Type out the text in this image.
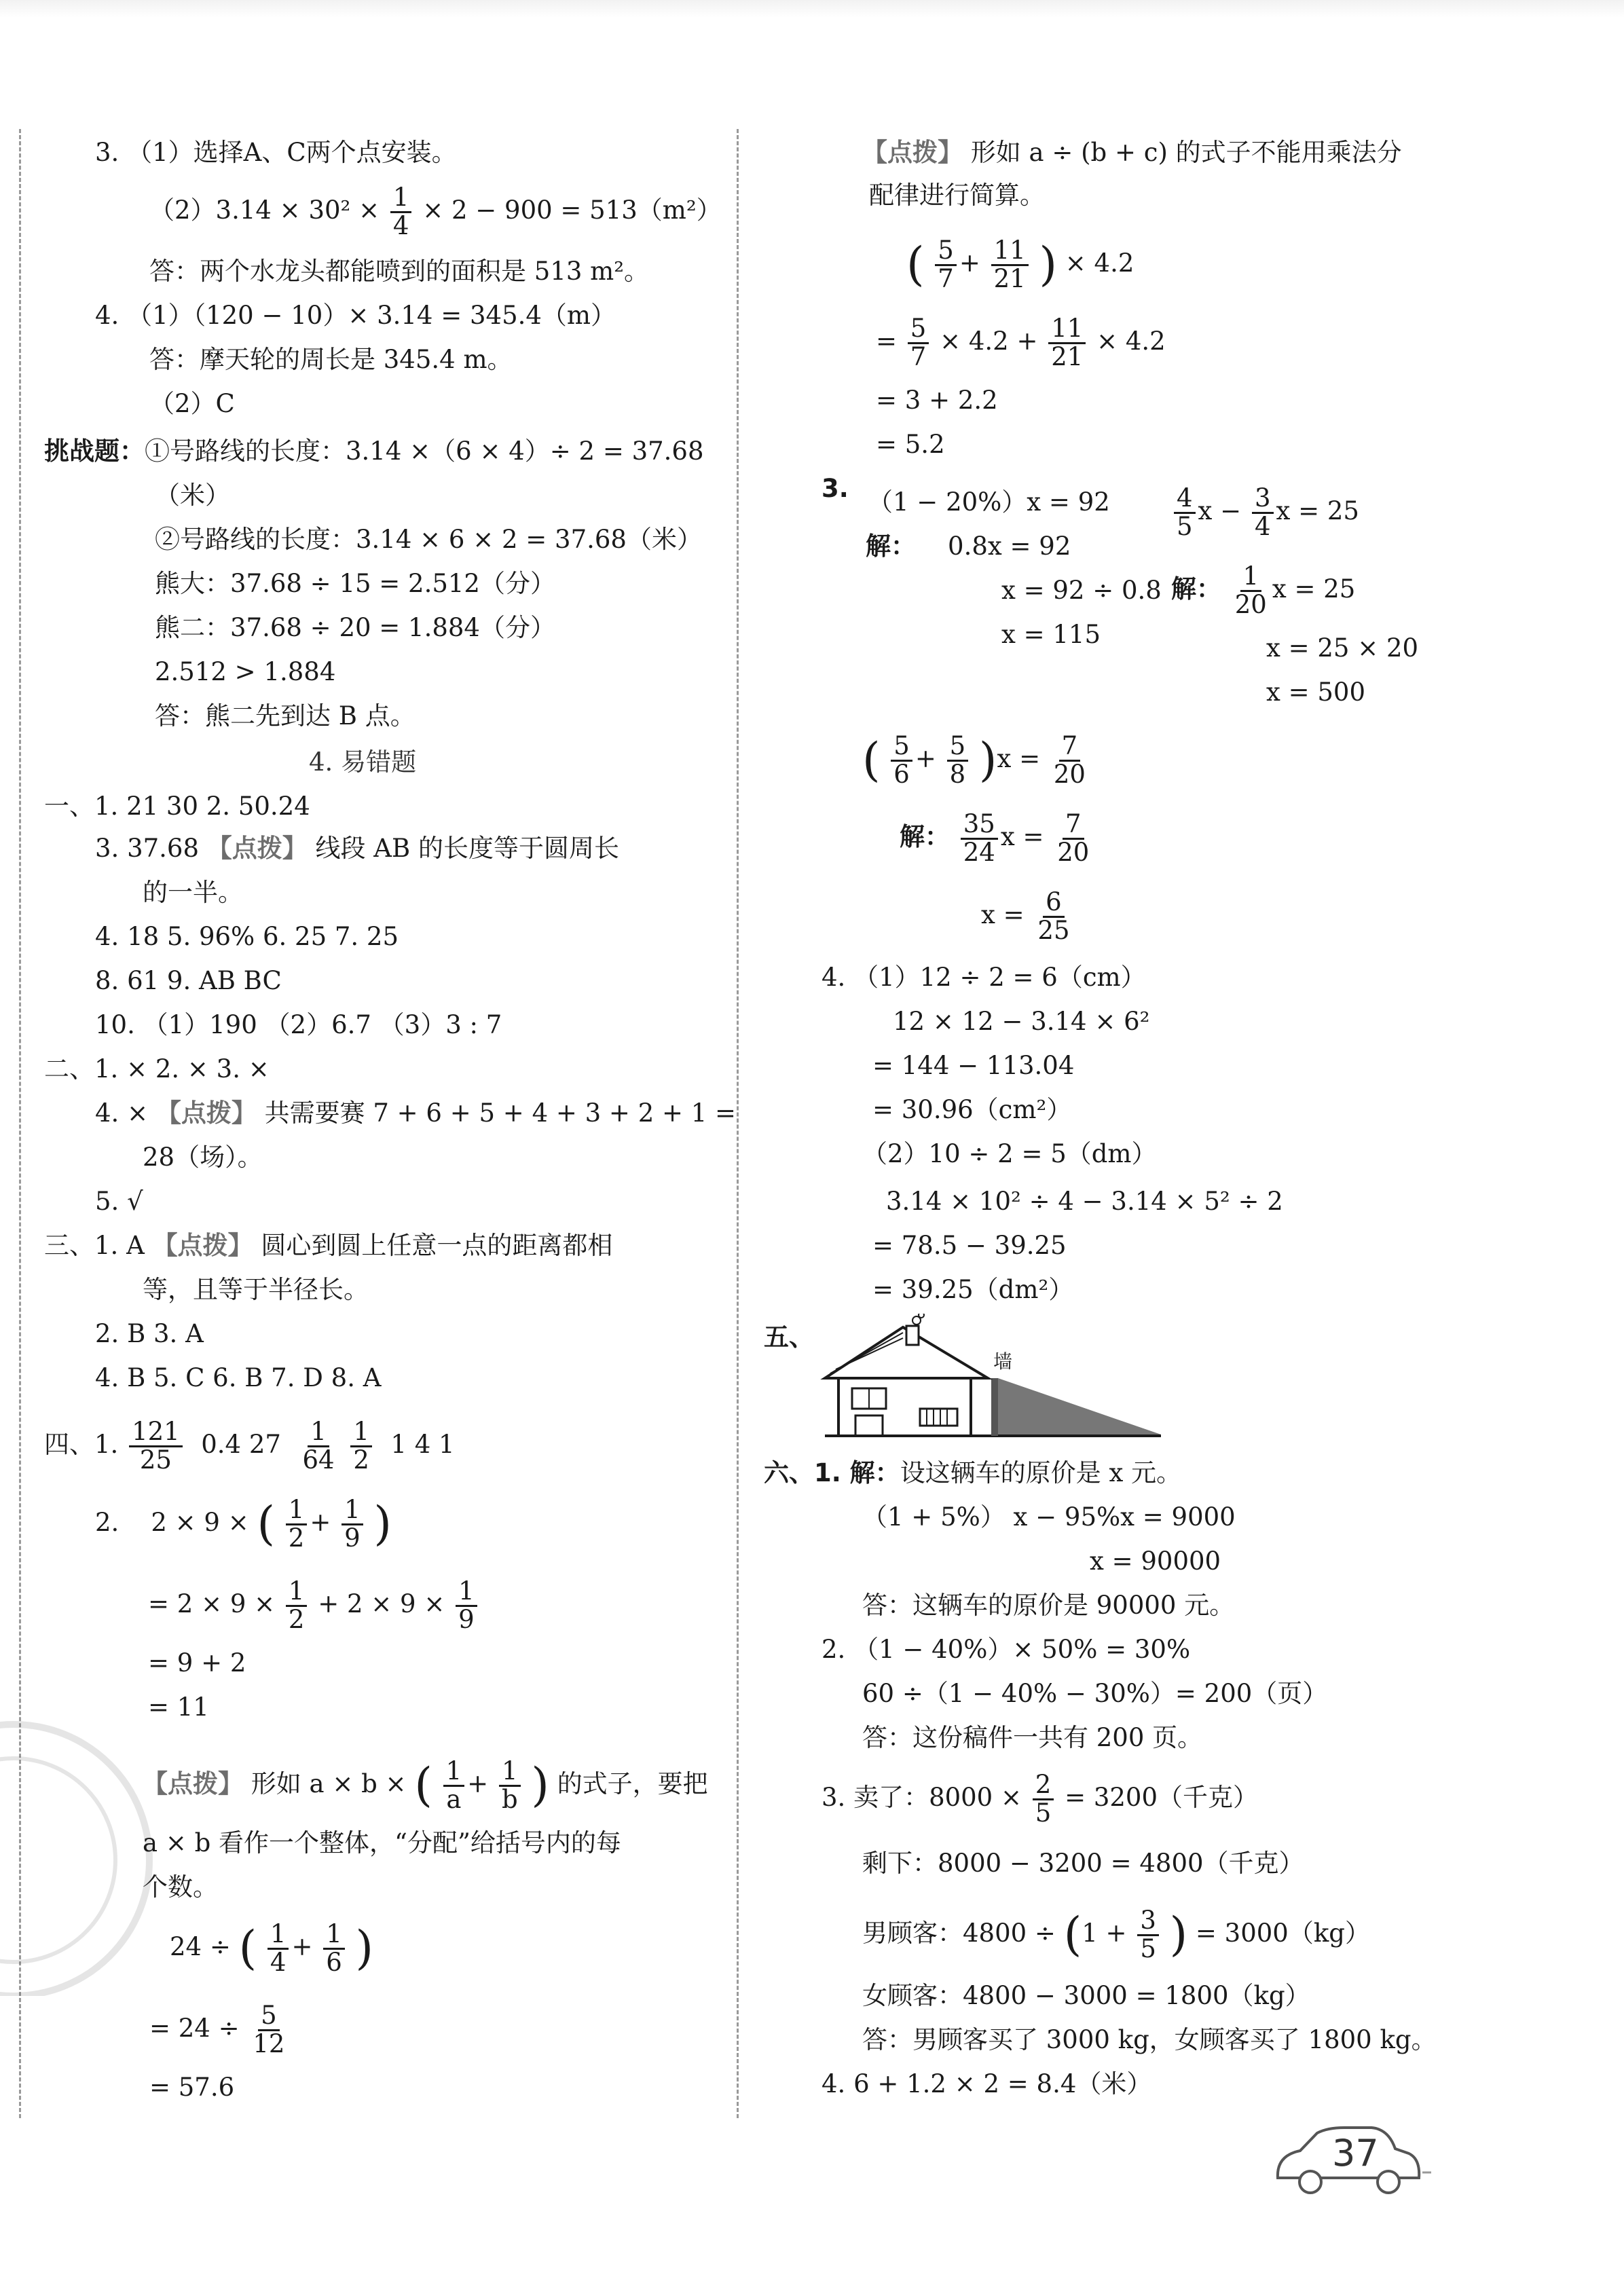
3. （1）选择A、C两个点安装。
$(2)3.14 \times 30^2 \times \frac{1}{4} \times 2 - 900 = 513(m^2)$
答：两个水龙头都能喷到的面积是 513 m²。
4. （1）（120 − 10）× 3.14 = 345.4（m）
答：摩天轮的周长是 345.4 m。
（2）C
挑战题：①号路线的长度：3.14 ×（6 × 4）÷ 2 = 37.68
（米）
②号路线的长度：3.14 × 6 × 2 = 37.68（米）
熊大：37.68 ÷ 15 = 2.512（分）
熊二：37.68 ÷ 20 = 1.884（分）
2.512 > 1.884
答：熊二先到达 B 点。
4. 易错题
一、1. 21 30 2. 50.24
3. 37.68 【点拨】 线段 AB 的长度等于圆周长
的一半。
4. 18 5. 96% 6. 25 7. 25
8. 61 9. AB BC
10. （1）190 （2）6.7 （3）3 : 7
二、1. × 2. × 3. ×
4. × 【点拨】 共需要赛 7 + 6 + 5 + 4 + 3 + 2 + 1 =
28（场）。
5. √
三、1. A 【点拨】 圆心到圆上任意一点的距离都相
等，且等于半径长。
2. B 3. A
4. B 5. C 6. B 7. D 8. A
四、1. $\frac{121}{25} 0.4$ $27 \frac{1}{64}$
$\frac{1}{2} 1$ 4 1
2. 2 × 9 × ( $\frac{1}{2} + \frac{1}{9}$ )
= $2 \times 9 \times \frac{1}{2} + 2 \times 9 \times \frac{1}{9}$
= 9 + 2
= 11
【点拨】 形如 a × b × ( $\frac{1}{a} + \frac{1}{b}$ ) 的式子，要把
a × b 看作一个整体，“分配”给括号内的每
个数。
24 ÷ ( $\frac{1}{4} + \frac{1}{6}$ )
= $24 \div \frac{5}{12}$
= 57.6
【点拨】 形如 a ÷ (b + c) 的式子不能用乘法分
配律进行简算。
( $\frac{5}{7} + \frac{11}{21}$ ) × 4.2
= $\frac{5}{7} \times 4.2 + \frac{11}{21} \times 4.2$
= 3 + 2.2
= 5.2
3. （1 − 20%）x = 92
解： 0.8x = 92
x = 92 ÷ 0.8
x = 115
$\frac{4}{5}$ $x - \frac{3}{4}$ x = 25
解： $\frac{1}{20}$ x = 25
x = 25 × 20
x = 500
( $\frac{5}{6} + \frac{5}{8} )x = \frac{7}{20}$
解： $\frac{35}{24}$ $x = \frac{7}{20}$
$x = \frac{6}{25}$
4. （1）12 ÷ 2 = 6（cm）
12 × 12 − 3.14 × 6²
= 144 − 113.04
= 30.96（cm²）
（2）10 ÷ 2 = 5（dm）
3.14 × 10² ÷ 4 − 3.14 × 5² ÷ 2
= 78.5 − 39.25
= 39.25（dm²）
五、
墙
六、1. 解：设这辆车的原价是 x 元。
（1 + 5%） x − 95%x = 9000
x = 90000
答：这辆车的原价是 90000 元。
2. （1 − 40%）× 50% = 30%
60 ÷（1 − 40% − 30%）= 200（页）
答：这份稿件一共有 200 页。
3. 卖了：$8000 \times \frac{2}{5} = 3200$（千克）
剩下：8000 − 3200 = 4800（千克）
男顾客：$4800 \div (1 + \frac{3}{5}$ ) = 3000（kg）
女顾客：4800 − 3000 = 1800（kg）
答：男顾客买了 3000 kg，女顾客买了 1800 kg。
4. 6 + 1.2 × 2 = 8.4（米）
37
